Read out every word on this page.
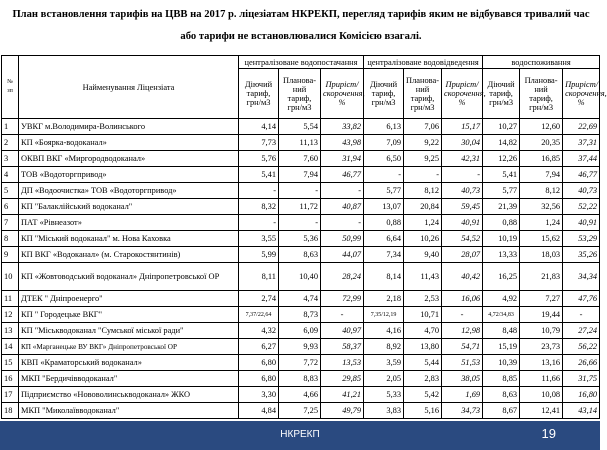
План встановлення тарифів на ЦВВ на 2017 р. ліцезіатам НКРЕКП, перегляд тарифів яким не відбувався тривалий час
або тарифи не встановлювалися Комісією взагалі.
№ зп	Найменування Ліцензіата	централізоване водопостачання			централізоване водовідведення			водоспоживання		
		Діючий тариф, грн/м3	Планова-ний тариф, грн/м3	Приріст/ скорочення, %	Діючий тариф, грн/м3	Планова-ний тариф, грн/м3	Приріст/ скорочення, %	Діючий тариф, грн/м3	Планова-ний тариф, грн/м3	Приріст/ скорочення, %
1	УВКГ м.Володимира-Волинського	4,14	5,54	33,82	6,13	7,06	15,17	10,27	12,60	22,69
2	КП «Боярка-водоканал»	7,73	11,13	43,98	7,09	9,22	30,04	14,82	20,35	37,31
3	ОКВП ВКГ «Миргородводоканал»	5,76	7,60	31,94	6,50	9,25	42,31	12,26	16,85	37,44
4	ТОВ «Водоторгпривод»	5,41	7,94	46,77	-	-	-	5,41	7,94	46,77
5	ДП «Водоочистка» ТОВ «Водоторгпривод»	-	-	-	5,77	8,12	40,73	5,77	8,12	40,73
6	КП "Балаклійський водоканал"	8,32	11,72	40,87	13,07	20,84	59,45	21,39	32,56	52,22
7	ПАТ «Рівнеазот»	-	-	-	0,88	1,24	40,91	0,88	1,24	40,91
8	КП "Міський водоканал" м. Нова Каховка	3,55	5,36	50,99	6,64	10,26	54,52	10,19	15,62	53,29
9	КП ВКГ «Водоканал» (м. Старокостянтинів)	5,99	8,63	44,07	7,34	9,40	28,07	13,33	18,03	35,26
10	КП «Жовтоводський водоканал» Дніпропетровської ОР	8,11	10,40	28,24	8,14	11,43	40,42	16,25	21,83	34,34
11	ДТЕК " Дніпроенерго"	2,74	4,74	72,99	2,18	2,53	16,06	4,92	7,27	47,76
12	КП " Городецьке ВКГ"	7,37/22,64	8,73	-	7,35/12,19	10,71	-	4,72/34,83	19,44	-
13	КП "Міськводоканал "Сумської міської ради"	4,32	6,09	40,97	4,16	4,70	12,98	8,48	10,79	27,24
14	КП «Марганецьке ВУ ВКГ» Дніпропетровської ОР	6,27	9,93	58,37	8,92	13,80	54,71	15,19	23,73	56,22
15	КВП «Краматорський водоканал»	6,80	7,72	13,53	3,59	5,44	51,53	10,39	13,16	26,66
16	МКП "Бердичівводоканал"	6,80	8,83	29,85	2,05	2,83	38,05	8,85	11,66	31,75
17	Підприємство «Нововолинськводоканал» ЖКО	3,30	4,66	41,21	5,33	5,42	1,69	8,63	10,08	16,80
18	МКП "Миколаївводоканал"	4,84	7,25	49,79	3,83	5,16	34,73	8,67	12,41	43,14
НКРЕКП	19
